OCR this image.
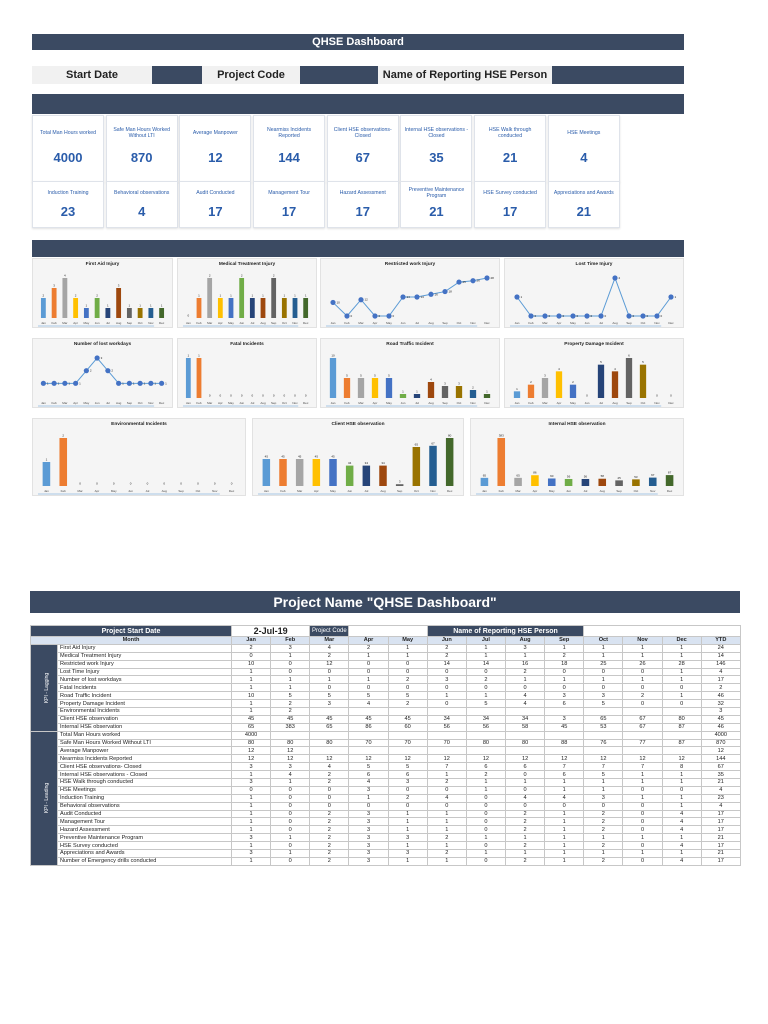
QHSE Dashboard
Start Date	Project Code	Name of Reporting HSE Person
Total Man Hours worked
4000
Safe Man Hours Worked Without LTI
870
Average Manpower
12
Nearmiss Incidents Reported
144
Client HSE observations- Closed
67
Internal HSE observations - Closed
35
HSE Walk through conducted
21
HSE Meetings
4
Induction Training
23
Behavioral observations
4
Audit Conducted
17
Management Tour
17
Hazard Assessment
17
Preventive Maintenance Program
21
HSE Survey conducted
17
Appreciations and Awards
21
First Aid Injury
2
3
4
2
1
2
1
3
1	1	1	1
Jan Feb Mar Apr May Jun Jul Aug Sep Oct Nov Dec
Medical Treatment Injury
0
1
2
1	1
2
1	1
2
1	1	1
Jan Feb Mar Apr May Jun Jul Aug Sep Oct Nov Dec
Restricted work Injury
10
0
12
0	0
14	14
16
18
25	26
28
Jan	Feb	Mar	Apr	May	Jun	Jul	Aug	Sep	Oct	Nov	Dec
Lost Time Injury
1
0	0	0	0	0	0
2
0	0	0
1
Jan	Feb	Mar	Apr	May	Jun	Jul	Aug	Sep	Oct	Nov	Dec
Number of lost workdays
1	1	1	1
2
3
2
1	1	1	1	1
Jan Feb Mar Apr May Jun Jul Aug Sep Oct Nov Dec
Fatal Incidents
1	1
0	0	0	0	0	0	0	0	0	0
Jan Feb Mar Apr May Jun Jul Aug Sep Oct Nov Dec
Road Traffic Incident
10
5	5	5	5
1	1
4
3	3
2
1
Jan	Feb	Mar	Apr	May	Jun	Jul	Aug	Sep	Oct	Nov	Dec
Property Damage Incident
1
2
3
4
2
0
5
4
6
5
0	0
Jan	Feb	Mar	Apr	May	Jun	Jul	Aug	Sep	Oct	Nov	Dec
Environmental Incidents
1
2
0	0	0	0	0	0	0	0	0	0
Jan	Feb	Mar	Apr	May	Jun	Jul	Aug	Sep	Oct	Nov	Dec
Client HSE observation
45	45	45	45	45
34	34	34
3
65	67
80
Jan	Feb	Mar	Apr	May	Jun	Jul	Aug	Sep	Oct	Nov	Dec
Internal HSE observation
65
383
65
86
60	56	56	58	45	53	67
87
Jan	Feb	Mar	Apr	May	Jun	Jul	Aug	Sep	Oct	Nov	Dec
Project Name "QHSE Dashboard"
Project Start Date		2-Jul-19		Project Code			Name of Reporting HSE Person							
Month		Jan	Feb	Mar	Apr	May	Jun	Jul	Aug	Sep	Oct	Nov	Dec	YTD
KPI - Lagging	First Aid Injury	2	3	4	2	1	2	1	3	1	1	1	1	24
	Medical Treatment Injury	0	1	2	1	1	2	1	1	2	1	1	1	14
	Restricted work Injury	10	0	12	0	0	14	14	16	18	25	26	28	146
	Lost Time Injury	1	0	0	0	0	0	0	2	0	0	0	1	4
	Number of lost workdays	1	1	1	1	2	3	2	1	1	1	1	1	17
	Fatal Incidents	1	1	0	0	0	0	0	0	0	0	0	0	2
	Road Traffic Incident	10	5	5	5	5	1	1	4	3	3	2	1	46
	Property Damage Incident	1	2	3	4	2	0	5	4	6	5	0	0	32
	Environmental Incidents	1	2											3
	Client HSE observation	45	45	45	45	45	34	34	34	3	65	67	80	45
	Internal HSE observation	65	383	65	86	60	56	56	58	45	53	67	87	46
KPI - Leading	Total Man Hours worked	4000												4000
	Safe Man Hours Worked Without LTI	80	80	80	70	70	70	80	80	88	76	77	87	870
	Average Manpower	12	12											12
	Nearmiss Incidents Reported	12	12	12	12	12	12	12	12	12	12	12	12	144
	Client HSE observations- Closed	3	3	4	5	5	7	6	6	7	7	7	8	67
	Internal HSE observations - Closed	1	4	2	6	6	1	2	0	6	5	1	1	35
	HSE Walk through conducted	3	1	2	4	3	2	1	1	1	1	1	1	21
	HSE Meetings	0	0	0	3	0	0	1	0	1	1	0	0	4
	Induction Training	1	0	0	1	2	4	0	4	4	3	1	1	23
	Behavioral observations	1	0	0	0	0	0	0	0	0	0	0	1	4
	Audit Conducted	1	0	2	3	1	1	0	2	1	2	0	4	17
	Management Tour	1	0	2	3	1	1	0	2	1	2	0	4	17
	Hazard Assessment	1	0	2	3	1	1	0	2	1	2	0	4	17
	Preventive Maintenance Program	3	1	2	3	3	2	1	1	1	1	1	1	21
	HSE Survey conducted	1	0	2	3	1	1	0	2	1	2	0	4	17
	Appreciations and Awards	3	1	2	3	3	2	1	1	1	1	1	1	21
	Number of Emergency drills conducted	1	0	2	3	1	1	0	2	1	2	0	4	17
